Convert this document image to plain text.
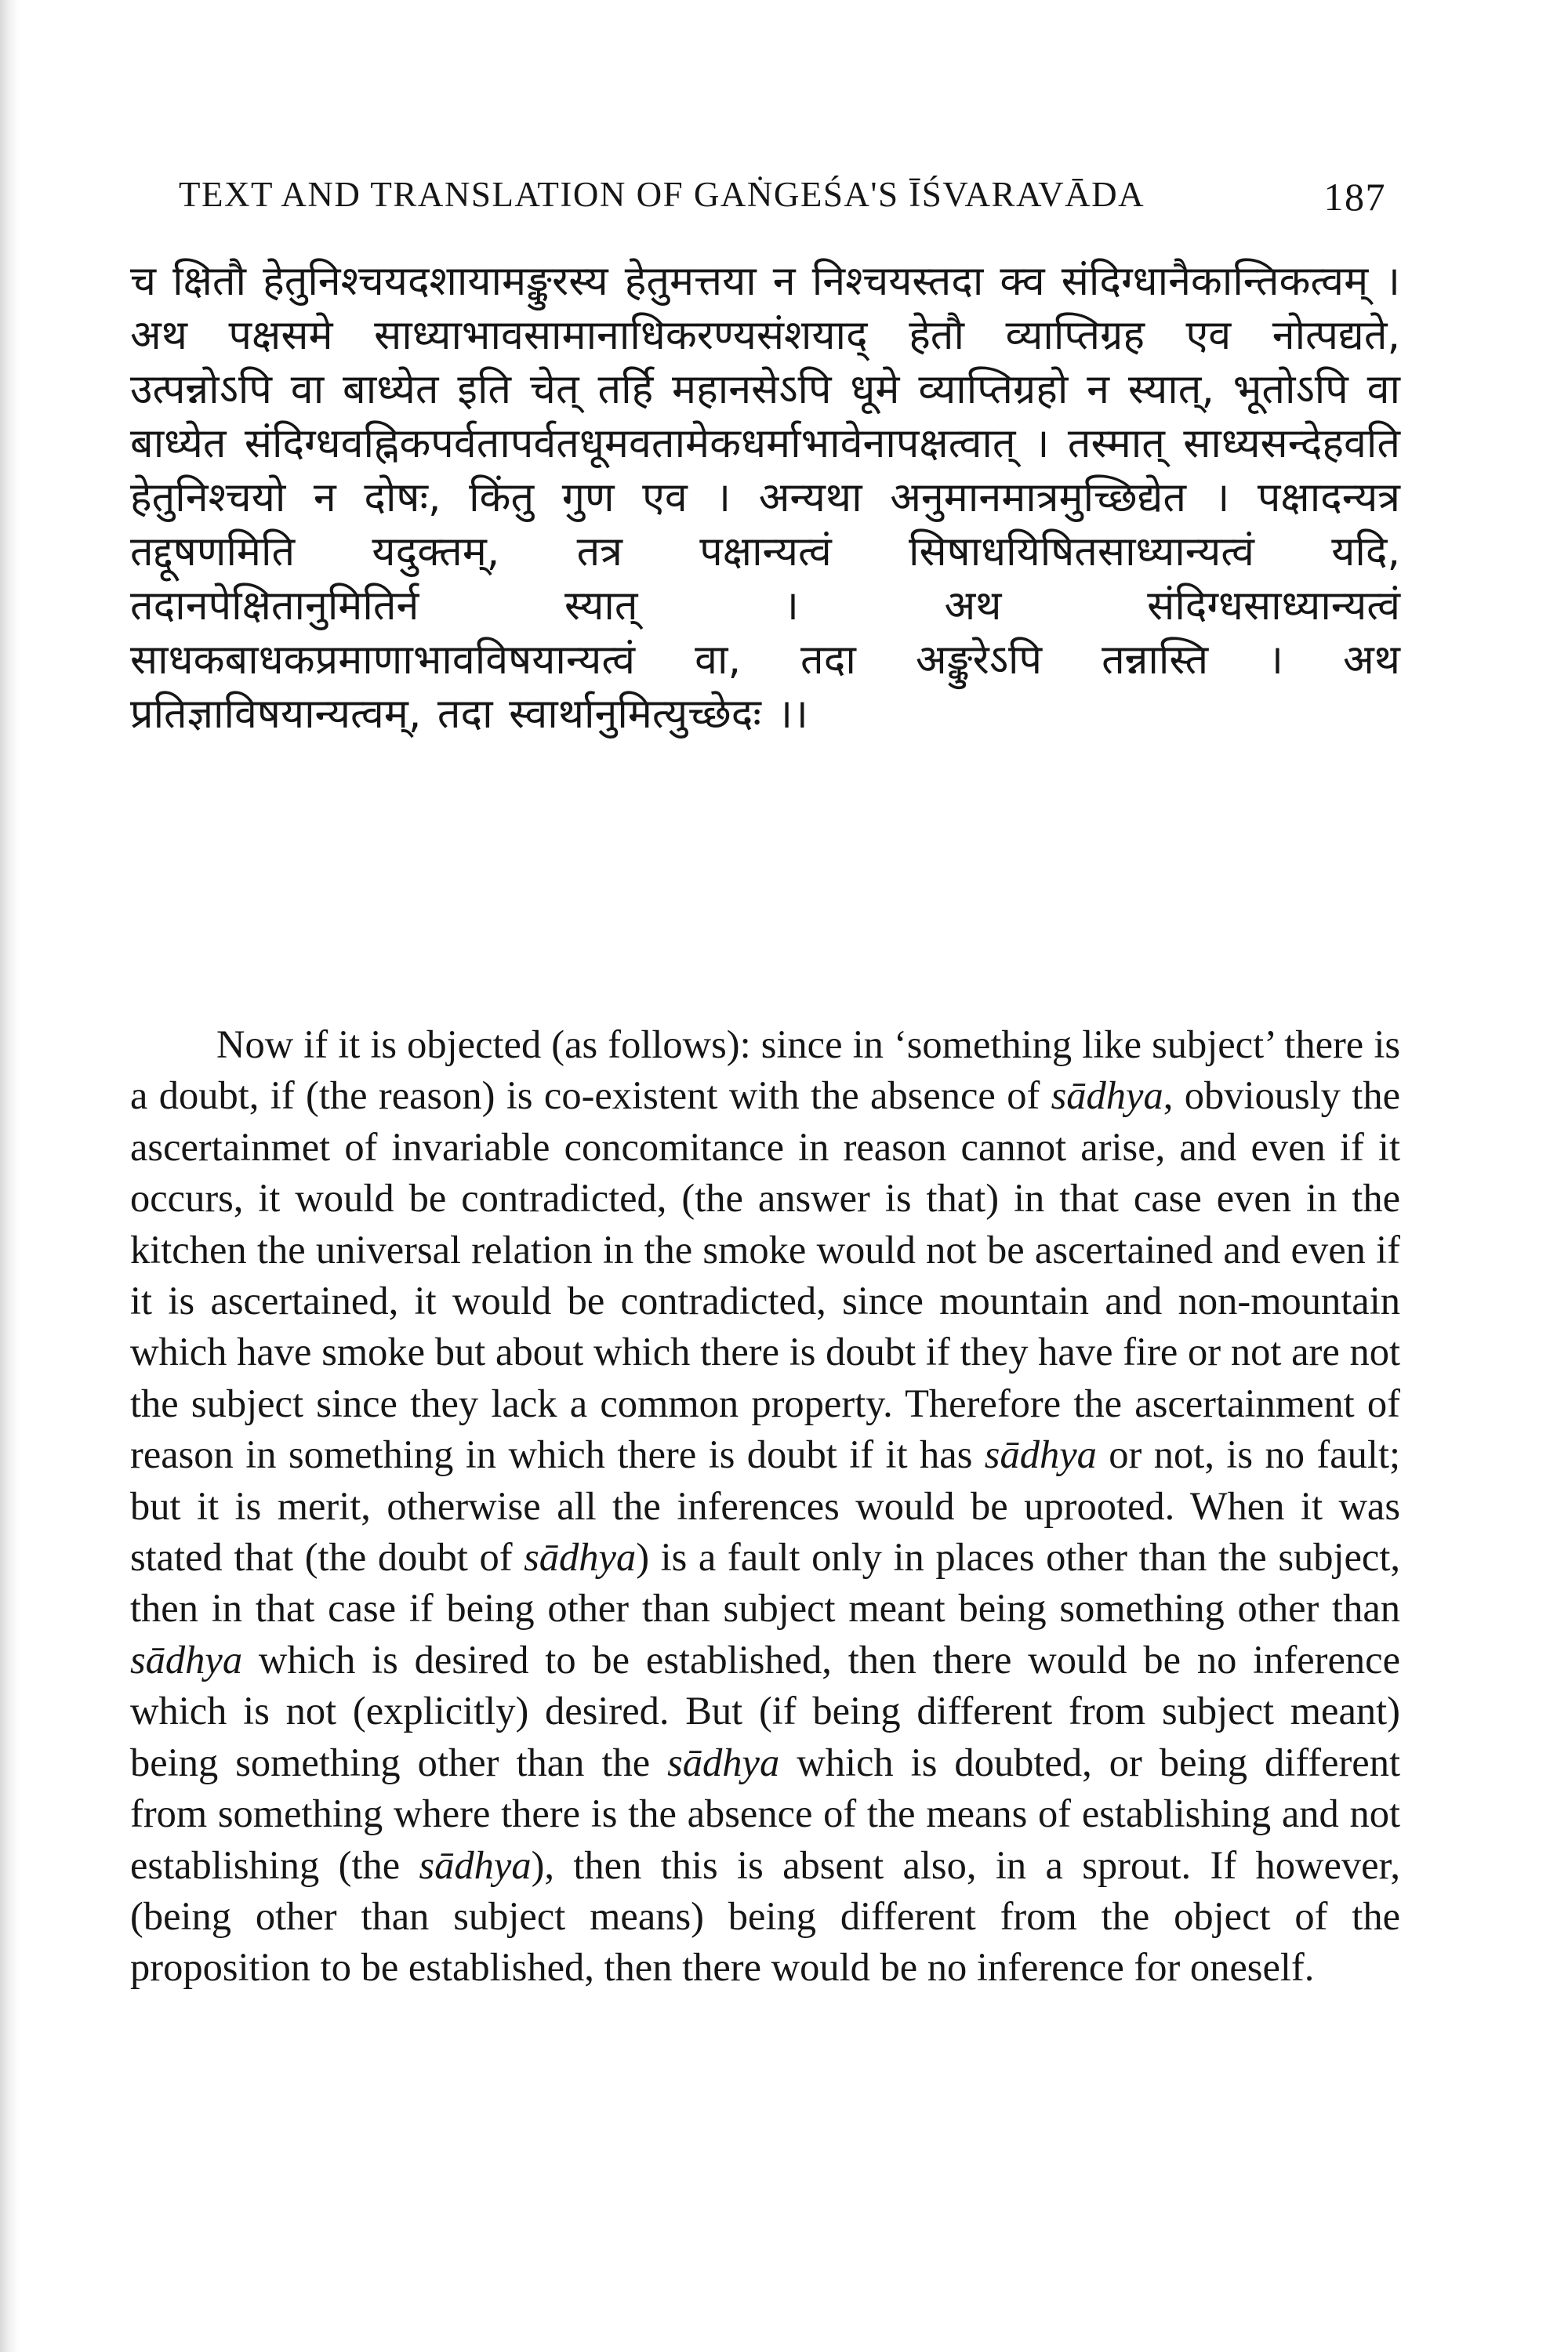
TEXT AND TRANSLATION OF GAṄGEŚA'S ĪŚVARAVĀDA	187

च क्षितौ हेतुनिश्चयदशायामङ्कुरस्य हेतुमत्तया न निश्चयस्तदा क्व संदिग्धानैकान्तिकत्वम् । अथ पक्षसमे साध्याभावसामानाधिकरण्यसंशयाद् हेतौ व्याप्तिग्रह एव नोत्पद्यते, उत्पन्नोऽपि वा बाध्येत इति चेत् तर्हि महानसेऽपि धूमे व्याप्तिग्रहो न स्यात्, भूतोऽपि वा बाध्येत संदिग्धवह्निकपर्वतापर्वतधूमवतामेकधर्माभावेनापक्षत्वात् । तस्मात् साध्यसन्देहवति हेतुनिश्चयो न दोषः, किंतु गुण एव । अन्यथा अनुमानमात्रमुच्छिद्येत । पक्षादन्यत्र तद्दूषणमिति यदुक्तम्, तत्र पक्षान्यत्वं सिषाधयिषितसाध्यान्यत्वं यदि, तदानपेक्षितानुमितिर्न स्यात् । अथ संदिग्धसाध्यान्यत्वं साधकबाधकप्रमाणाभावविषयान्यत्वं वा, तदा अङ्कुरेऽपि तन्नास्ति । अथ प्रतिज्ञाविषयान्यत्वम्, तदा स्वार्थानुमित्युच्छेदः ।।

Now if it is objected (as follows): since in ‘something like subject’ there is a doubt, if (the reason) is co-existent with the absence of sādhya, obviously the ascertainmet of invariable concomitance in reason cannot arise, and even if it occurs, it would be contradicted, (the answer is that) in that case even in the kitchen the universal relation in the smoke would not be ascertained and even if it is ascertained, it would be contradicted, since mountain and non-mountain which have smoke but about which there is doubt if they have fire or not are not the subject since they lack a common property. Therefore the ascertainment of reason in something in which there is doubt if it has sādhya or not, is no fault; but it is merit, otherwise all the inferences would be uprooted. When it was stated that (the doubt of sādhya) is a fault only in places other than the subject, then in that case if being other than subject meant being something other than sādhya which is desired to be established, then there would be no inference which is not (explicitly) desired. But (if being different from subject meant) being something other than the sādhya which is doubted, or being different from something where there is the absence of the means of establishing and not establishing (the sādhya), then this is absent also, in a sprout. If however, (being other than subject means) being different from the object of the proposition to be established, then there would be no inference for oneself.
